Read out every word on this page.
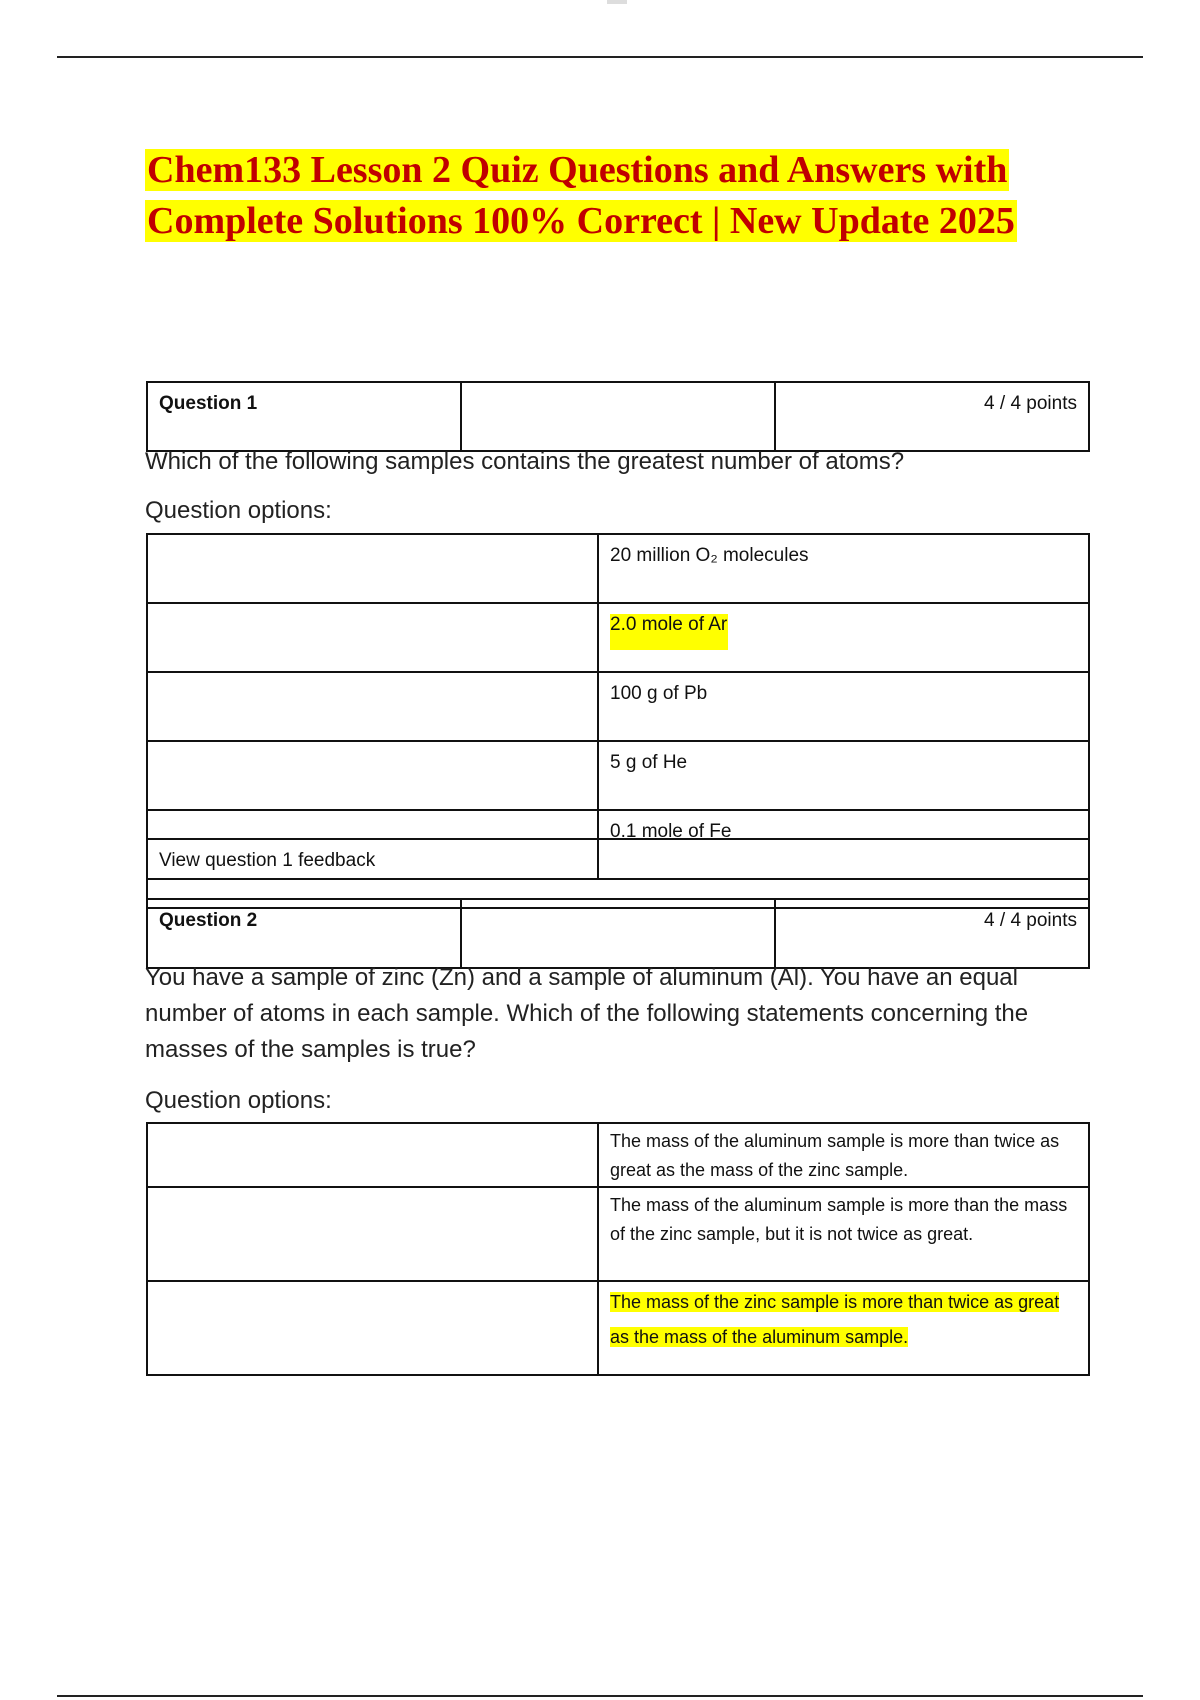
Chem133 Lesson 2 Quiz Questions and Answers with Complete Solutions 100% Correct | New Update 2025
Question 1		4 / 4 points

Which of the following samples contains the greatest number of atoms?

Question options:

	20 million O₂ molecules
	2.0 mole of Ar
	100 g of Pb
	5 g of He
	0.1 mole of Fe
View question 1 feedback
Question 2		4 / 4 points

You have a sample of zinc (Zn) and a sample of aluminum (Al). You have an equal number of atoms in each sample. Which of the following statements concerning the masses of the samples is true?

Question options:

	The mass of the aluminum sample is more than twice as great as the mass of the zinc sample.
	The mass of the aluminum sample is more than the mass of the zinc sample, but it is not twice as great.
	The mass of the zinc sample is more than twice as great as the mass of the aluminum sample.
